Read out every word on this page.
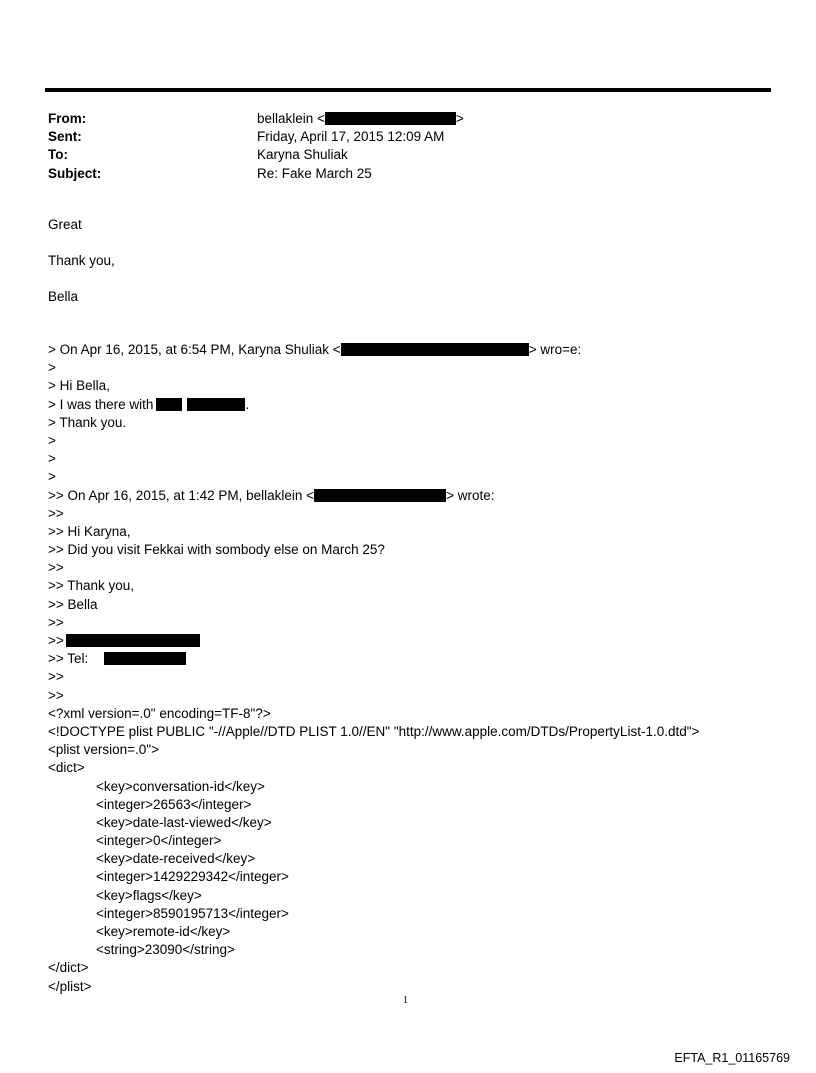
From:	bellaklein <	>
Sent:	Friday, April 17, 2015 12:09 AM
To:	Karyna Shuliak
Subject:	Re: Fake March 25
Great
Thank you,
Bella
> On Apr 16, 2015, at 6:54 PM, Karyna Shuliak <	> wro=e:
>
> Hi Bella,
> I was there with	.
> Thank you.
>
>
>
>> On Apr 16, 2015, at 1:42 PM, bellaklein <	> wrote:
>>
>> Hi Karyna,
>> Did you visit Fekkai with sombody else on March 25?
>>
>> Thank you,
>> Bella
>>
>>
>> Tel:
>>
>>
<?xml version=.0" encoding=TF-8"?>
<!DOCTYPE plist PUBLIC "-//Apple//DTD PLIST 1.0//EN" "http://www.apple.com/DTDs/PropertyList-1.0.dtd">
<plist version=.0">
<dict>
<key>conversation-id</key>
<integer>26563</integer>
<key>date-last-viewed</key>
<integer>0</integer>
<key>date-received</key>
<integer>1429229342</integer>
<key>flags</key>
<integer>8590195713</integer>
<key>remote-id</key>
<string>23090</string>
</dict>
</plist>
1
EFTA_R1_01165769
